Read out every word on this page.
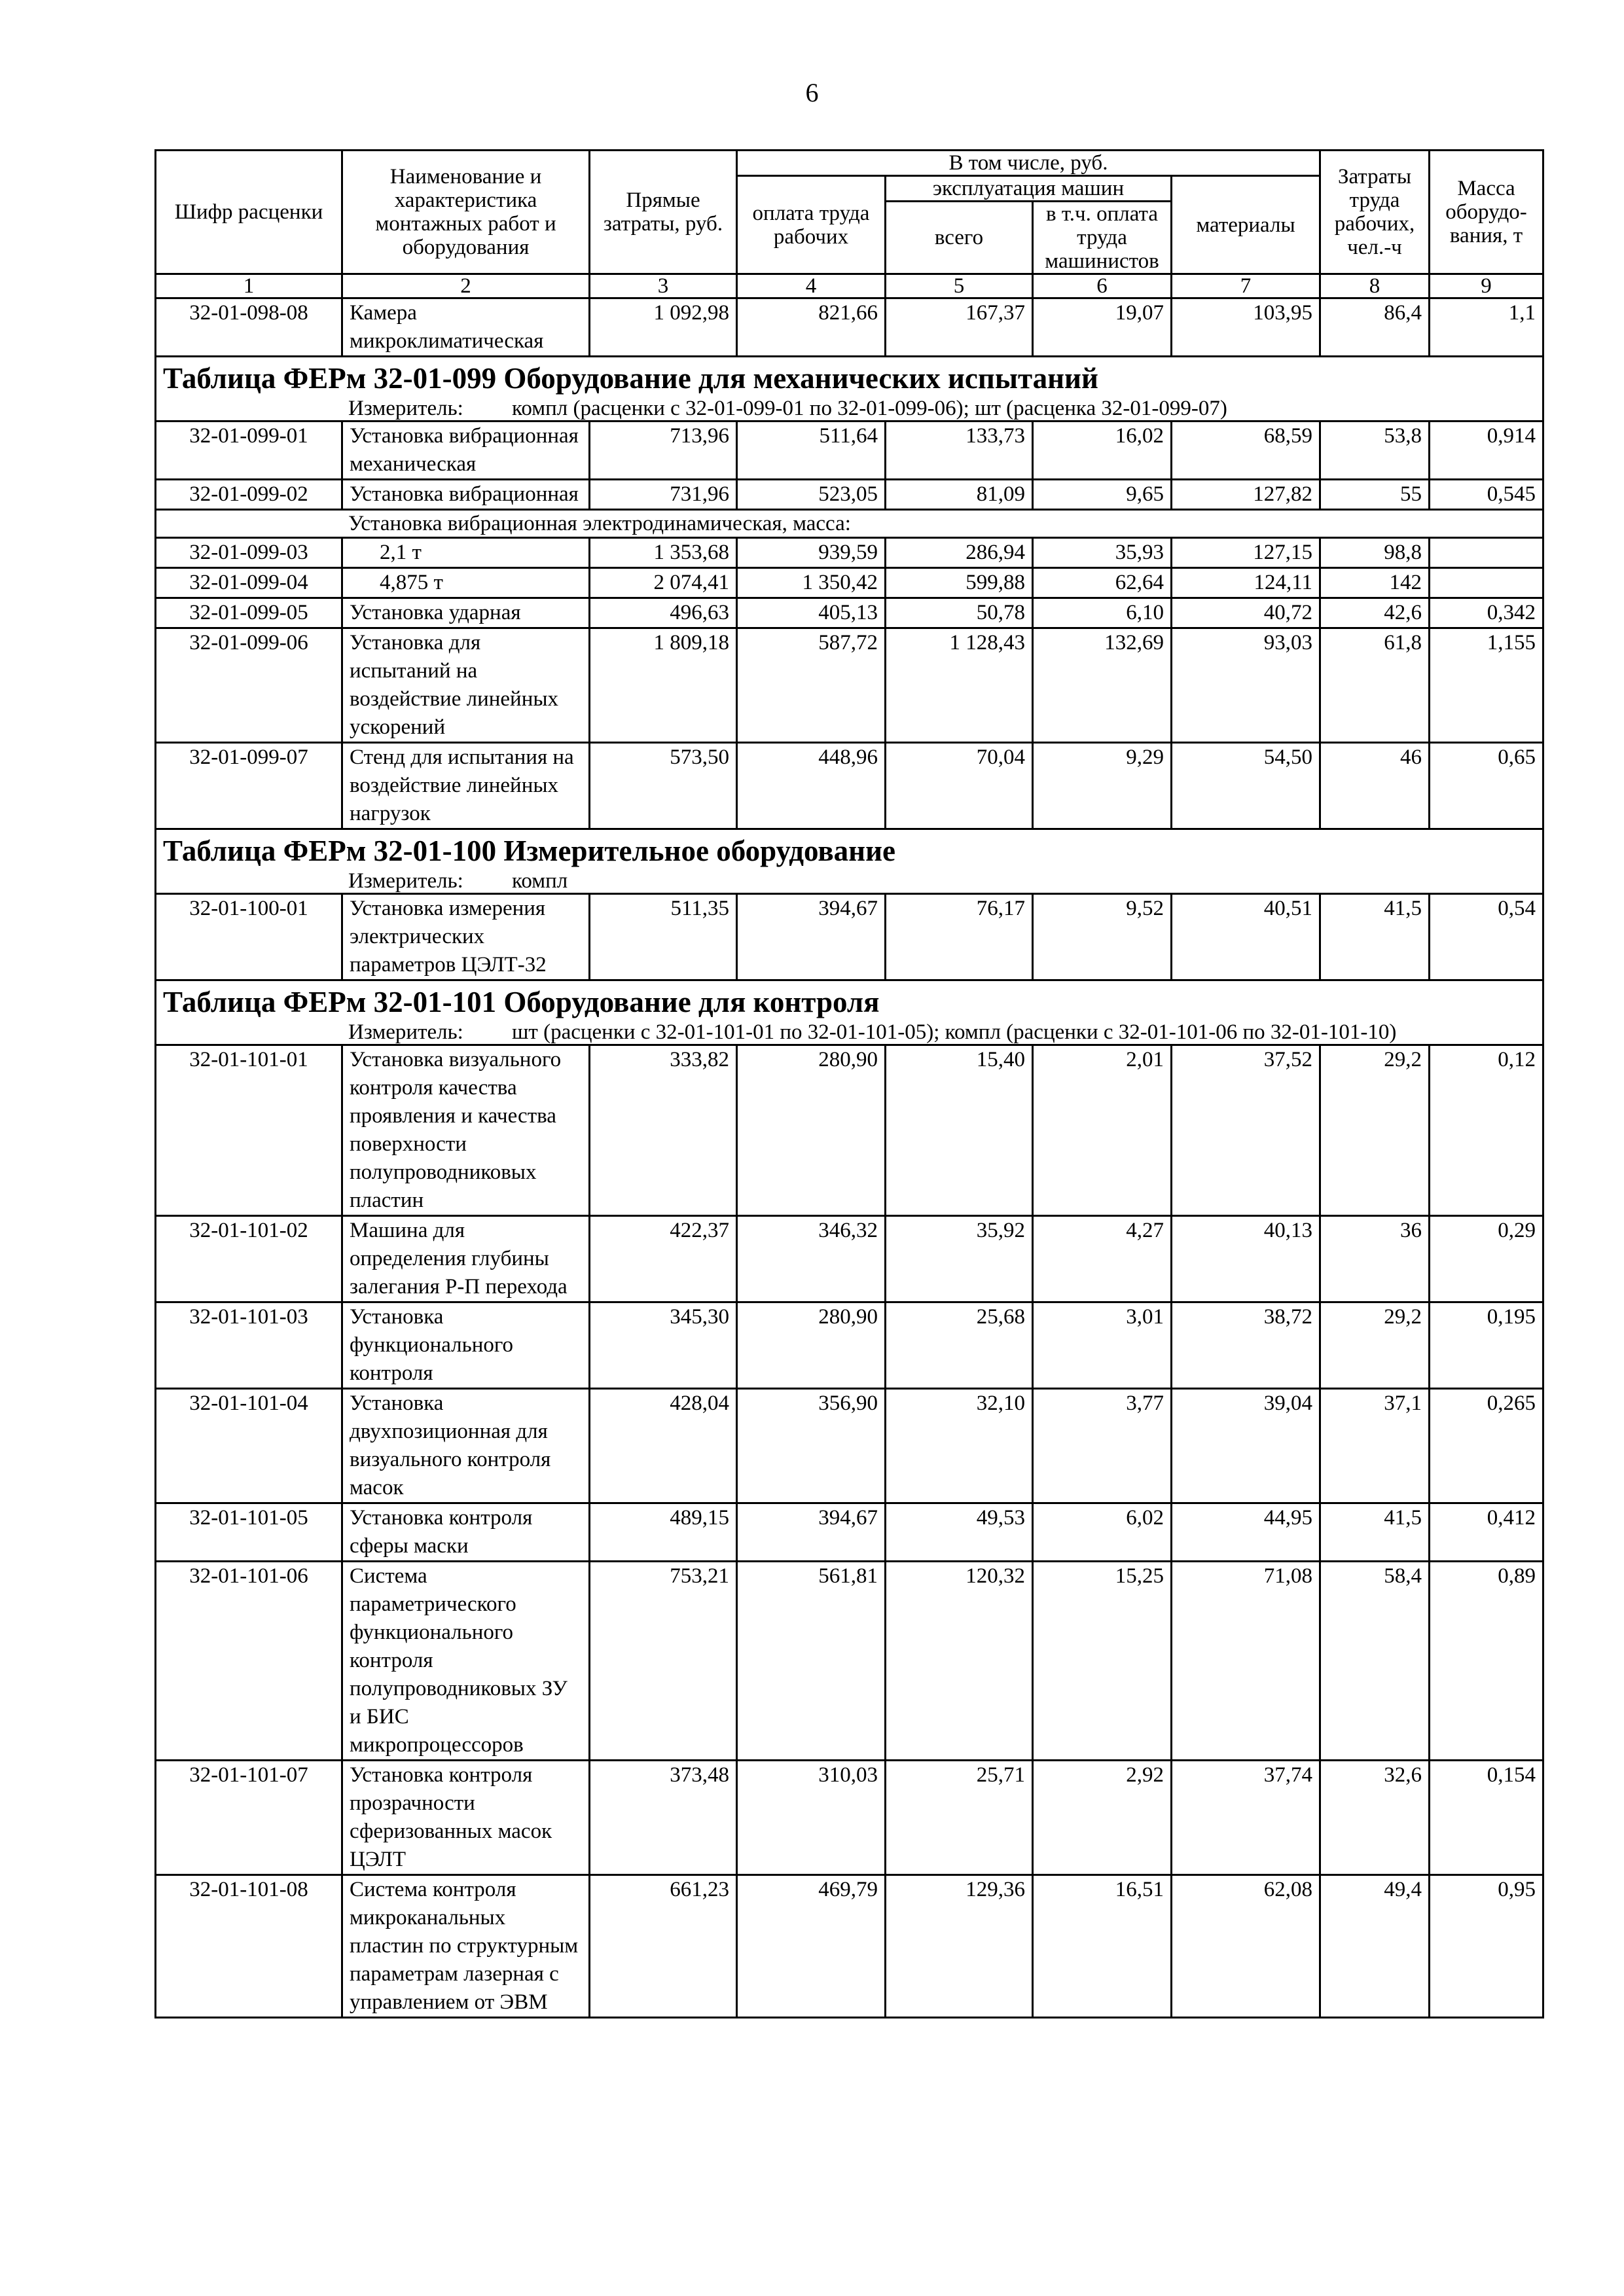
6
Шифр расценки	Наименование и характеристика монтажных работ и оборудования	Прямые затраты, руб.	В том числе, руб.				Затраты труда рабочих, чел.-ч	Масса оборудо-вания, т
			оплата труда рабочих	эксплуатация машин		материалы		
				всего	в т.ч. оплата труда машинистов			
1	2	3	4	5	6	7	8	9
32-01-098-08	Камера микроклиматическая	1 092,98	821,66	167,37	19,07	103,95	86,4	1,1

Таблица ФЕРм 32-01-099 Оборудование для механических испытаний
Измеритель: компл (расценки с 32-01-099-01 по 32-01-099-06); шт (расценка 32-01-099-07)								

32-01-099-01	Установка вибрационная механическая	713,96	511,64	133,73	16,02	68,59	53,8	0,914
32-01-099-02	Установка вибрационная	731,96	523,05	81,09	9,65	127,82	55	0,545
Установка вибрационная электродинамическая, масса:								
32-01-099-03	2,1 т	1 353,68	939,59	286,94	35,93	127,15	98,8	
32-01-099-04	4,875 т	2 074,41	1 350,42	599,88	62,64	124,11	142	
32-01-099-05	Установка ударная	496,63	405,13	50,78	6,10	40,72	42,6	0,342
32-01-099-06	Установка для испытаний на воздействие линейных ускорений	1 809,18	587,72	1 128,43	132,69	93,03	61,8	1,155
32-01-099-07	Стенд для испытания на воздействие линейных нагрузок	573,50	448,96	70,04	9,29	54,50	46	0,65

Таблица ФЕРм 32-01-100 Измерительное оборудование
Измеритель: компл								

32-01-100-01	Установка измерения электрических параметров ЦЭЛТ-32	511,35	394,67	76,17	9,52	40,51	41,5	0,54

Таблица ФЕРм 32-01-101 Оборудование для контроля
Измеритель: шт (расценки с 32-01-101-01 по 32-01-101-05); компл (расценки с 32-01-101-06 по 32-01-101-10)								

32-01-101-01	Установка визуального контроля качества проявления и качества поверхности полупроводниковых пластин	333,82	280,90	15,40	2,01	37,52	29,2	0,12
32-01-101-02	Машина для определения глубины залегания Р-П перехода	422,37	346,32	35,92	4,27	40,13	36	0,29
32-01-101-03	Установка функционального контроля	345,30	280,90	25,68	3,01	38,72	29,2	0,195
32-01-101-04	Установка двухпозиционная для визуального контроля масок	428,04	356,90	32,10	3,77	39,04	37,1	0,265
32-01-101-05	Установка контроля сферы маски	489,15	394,67	49,53	6,02	44,95	41,5	0,412
32-01-101-06	Система параметрического функционального контроля полупроводниковых ЗУ и БИС микропроцессоров	753,21	561,81	120,32	15,25	71,08	58,4	0,89
32-01-101-07	Установка контроля прозрачности сферизованных масок ЦЭЛТ	373,48	310,03	25,71	2,92	37,74	32,6	0,154
32-01-101-08	Система контроля микроканальных пластин по структурным параметрам лазерная с управлением от ЭВМ	661,23	469,79	129,36	16,51	62,08	49,4	0,95
